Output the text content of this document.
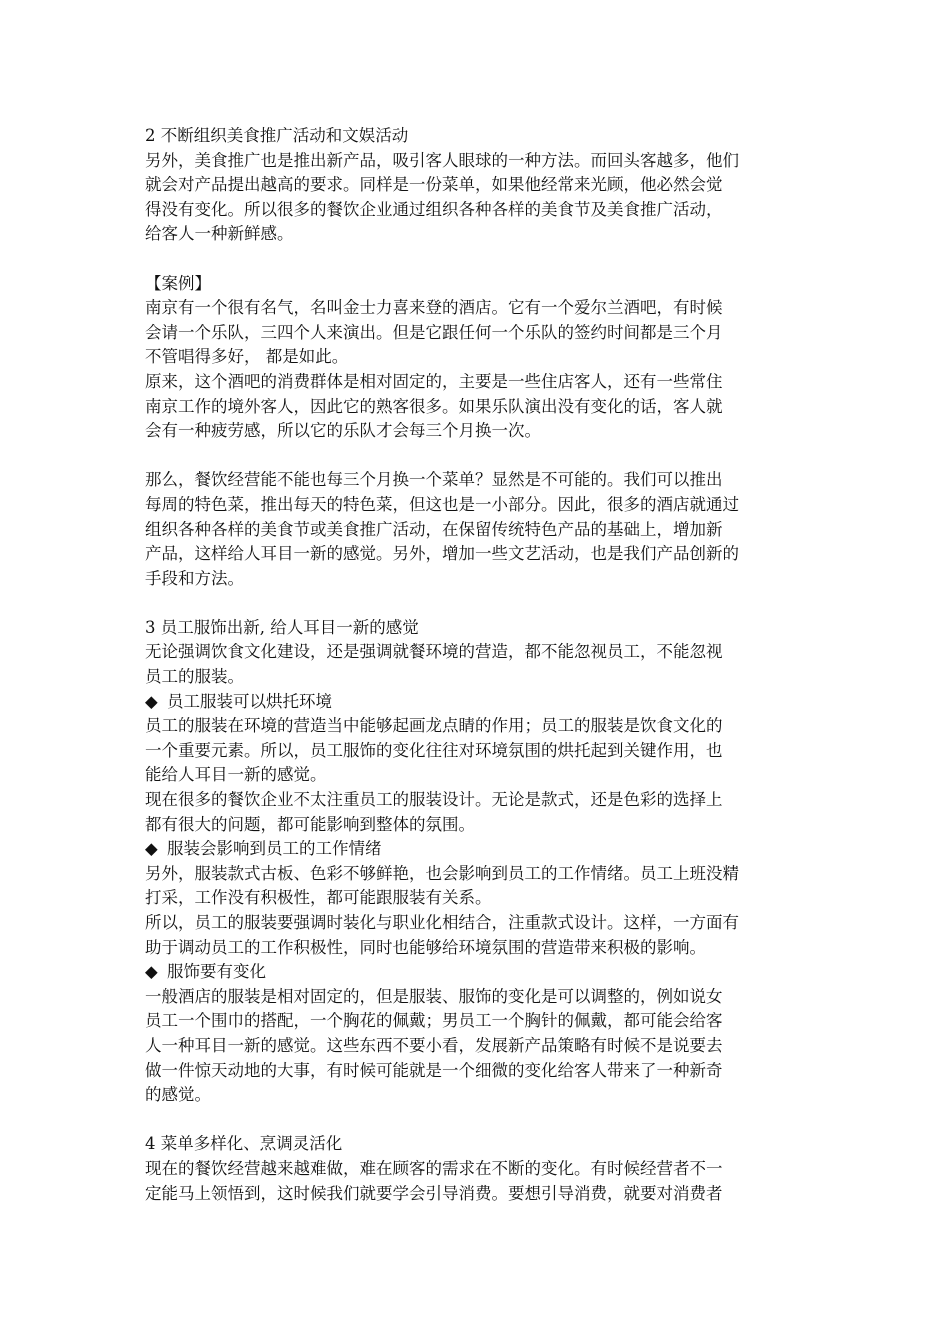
2 不断组织美食推广活动和文娱活动
另外，美食推广也是推出新产品，吸引客人眼球的一种方法。而回头客越多，他们
就会对产品提出越高的要求。同样是一份菜单，如果他经常来光顾，他必然会觉
得没有变化。所以很多的餐饮企业通过组织各种各样的美食节及美食推广活动，
给客人一种新鲜感。
【案例】
南京有一个很有名气，名叫金士力喜来登的酒店。它有一个爱尔兰酒吧，有时候
会请一个乐队，三四个人来演出。但是它跟任何一个乐队的签约时间都是三个月
不管唱得多好， 都是如此。
原来，这个酒吧的消费群体是相对固定的，主要是一些住店客人，还有一些常住
南京工作的境外客人，因此它的熟客很多。如果乐队演出没有变化的话，客人就
会有一种疲劳感，所以它的乐队才会每三个月换一次。
那么，餐饮经营能不能也每三个月换一个菜单？显然是不可能的。我们可以推出
每周的特色菜，推出每天的特色菜，但这也是一小部分。因此，很多的酒店就通过
组织各种各样的美食节或美食推广活动，在保留传统特色产品的基础上，增加新
产品，这样给人耳目一新的感觉。另外，增加一些文艺活动，也是我们产品创新的
手段和方法。
3 员工服饰出新, 给人耳目一新的感觉
无论强调饮食文化建设，还是强调就餐环境的营造，都不能忽视员工，不能忽视
员工的服装。
◆ 员工服装可以烘托环境
员工的服装在环境的营造当中能够起画龙点睛的作用；员工的服装是饮食文化的
一个重要元素。所以，员工服饰的变化往往对环境氛围的烘托起到关键作用，也
能给人耳目一新的感觉。
现在很多的餐饮企业不太注重员工的服装设计。无论是款式，还是色彩的选择上
都有很大的问题，都可能影响到整体的氛围。
◆ 服装会影响到员工的工作情绪
另外，服装款式古板、色彩不够鲜艳，也会影响到员工的工作情绪。员工上班没精
打采，工作没有积极性，都可能跟服装有关系。
所以，员工的服装要强调时装化与职业化相结合，注重款式设计。这样，一方面有
助于调动员工的工作积极性，同时也能够给环境氛围的营造带来积极的影响。
◆ 服饰要有变化
一般酒店的服装是相对固定的，但是服装、服饰的变化是可以调整的，例如说女
员工一个围巾的搭配，一个胸花的佩戴；男员工一个胸针的佩戴，都可能会给客
人一种耳目一新的感觉。这些东西不要小看，发展新产品策略有时候不是说要去
做一件惊天动地的大事，有时候可能就是一个细微的变化给客人带来了一种新奇
的感觉。
4 菜单多样化、烹调灵活化
现在的餐饮经营越来越难做，难在顾客的需求在不断的变化。有时候经营者不一
定能马上领悟到，这时候我们就要学会引导消费。要想引导消费，就要对消费者
